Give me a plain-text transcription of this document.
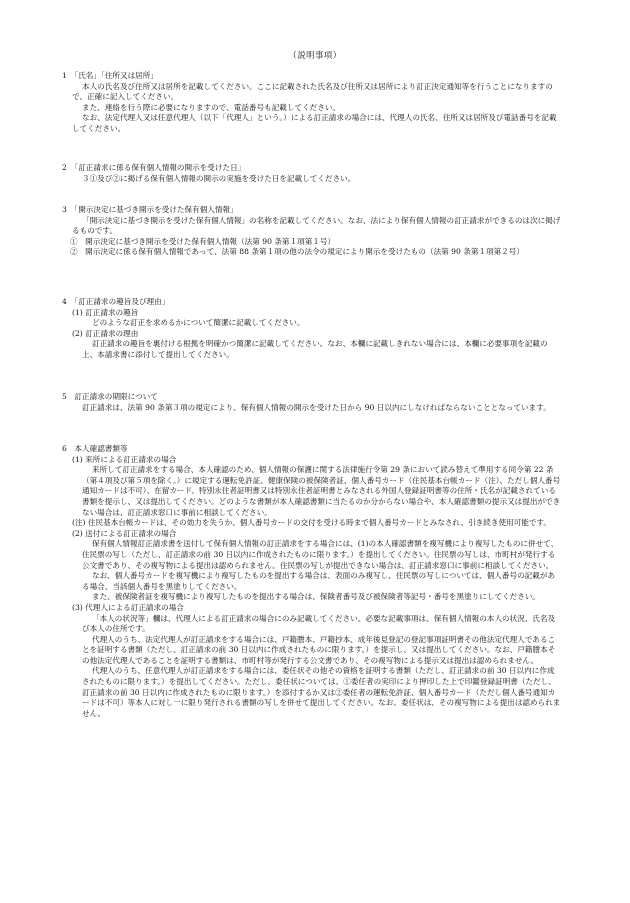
（説明事項）

1　「氏名」「住所又は居所」

本人の氏名及び住所又は居所を記載してください。ここに記載された氏名及び住所又は居所により訂正決定通知等を行うことになりますので、正確に記入してください。

また、連絡を行う際に必要になりますので、電話番号も記載してください。

なお、法定代理人又は任意代理人（以下「代理人」という。）による訂正請求の場合には、代理人の氏名、住所又は居所及び電話番号を記載してください。

2　「訂正請求に係る保有個人情報の開示を受けた日」

３①及び②に掲げる保有個人情報の開示の実施を受けた日を記載してください。

3　「開示決定に基づき開示を受けた保有個人情報」

「開示決定に基づき開示を受けた保有個人情報」の名称を記載してください。なお、法により保有個人情報の訂正請求ができるのは次に掲げるものです。

①　開示決定に基づき開示を受けた保有個人情報（法第 90 条第１項第１号）

②　開示決定に係る保有個人情報であって、法第 88 条第１項の他の法令の規定により開示を受けたもの（法第 90 条第１項第２号）

4　「訂正請求の趣旨及び理由」

(1) 訂正請求の趣旨

どのような訂正を求めるかについて簡潔に記載してください。

(2) 訂正請求の理由

訂正請求の趣旨を裏付ける根拠を明確かつ簡潔に記載してください。なお、本欄に記載しきれない場合には、本欄に必要事項を記載の上、本請求書に添付して提出してください。

5　訂正請求の期限について

訂正請求は、法第 90 条第３項の規定により、保有個人情報の開示を受けた日から 90 日以内にしなければならないこととなっています。

6　本人確認書類等

(1) 来所による訂正請求の場合

来所して訂正請求をする場合、本人確認のため、個人情報の保護に関する法律施行令第 29 条において読み替えて準用する同令第 22 条（第４項及び第５項を除く。）に規定する運転免許証、健康保険の被保険者証、個人番号カード（住民基本台帳カード（注）、ただし個人番号通知カードは不可）、在留カード、特別永住者証明書又は特別永住者証明書とみなされる外国人登録証明書等の住所・氏名が記載されている書類を提示し、又は提出してください。どのような書類が本人確認書類に当たるのか分からない場合や、本人確認書類の提示又は提出ができない場合は、訂正請求窓口に事前に相談してください。

(注) 住民基本台帳カードは、その効力を失うか、個人番号カードの交付を受ける時まで個人番号カードとみなされ、引き続き使用可能です。

(2) 送付による訂正請求の場合

保有個人情報訂正請求書を送付して保有個人情報の訂正請求をする場合には、(1)の本人確認書類を複写機により複写したものに併せて、住民票の写し（ただし、訂正請求の前 30 日以内に作成されたものに限ります。）を提出してください。住民票の写しは、市町村が発行する公文書であり、その複写物による提出は認められません。住民票の写しが提出できない場合は、訂正請求窓口に事前に相談してください。

なお、個人番号カードを複写機により複写したものを提出する場合は、表面のみ複写し、住民票の写しについては、個人番号の記載がある場合、当該個人番号を黒塗りしてください。

また、被保険者証を複写機により複写したものを提出する場合は、保険者番号及び被保険者等記号・番号を黒塗りにしてください。

(3) 代理人による訂正請求の場合

「本人の状況等」欄は、代理人による訂正請求の場合にのみ記載してください。必要な記載事項は、保有個人情報の本人の状況、氏名及び本人の住所です。

代理人のうち、法定代理人が訂正請求をする場合には、戸籍謄本、戸籍抄本、成年後見登記の登記事項証明書その他法定代理人であることを証明する書類（ただし、訂正請求の前 30 日以内に作成されたものに限ります。）を提示し、又は提出してください。なお、戸籍謄本その他法定代理人であることを証明する書類は、市町村等が発行する公文書であり、その複写物による提示又は提出は認められません。

代理人のうち、任意代理人が訂正請求をする場合には、委任状その他その資格を証明する書類（ただし、訂正請求の前 30 日以内に作成されたものに限ります。）を提出してください。ただし、委任状については、①委任者の実印により押印した上で印鑑登録証明書（ただし、訂正請求の前 30 日以内に作成されたものに限ります。）を添付するか又は②委任者の運転免許証、個人番号カード（ただし個人番号通知カードは不可）等本人に対し一に限り発行される書類の写しを併せて提出してください。なお、委任状は、その複写物による提出は認められません。
